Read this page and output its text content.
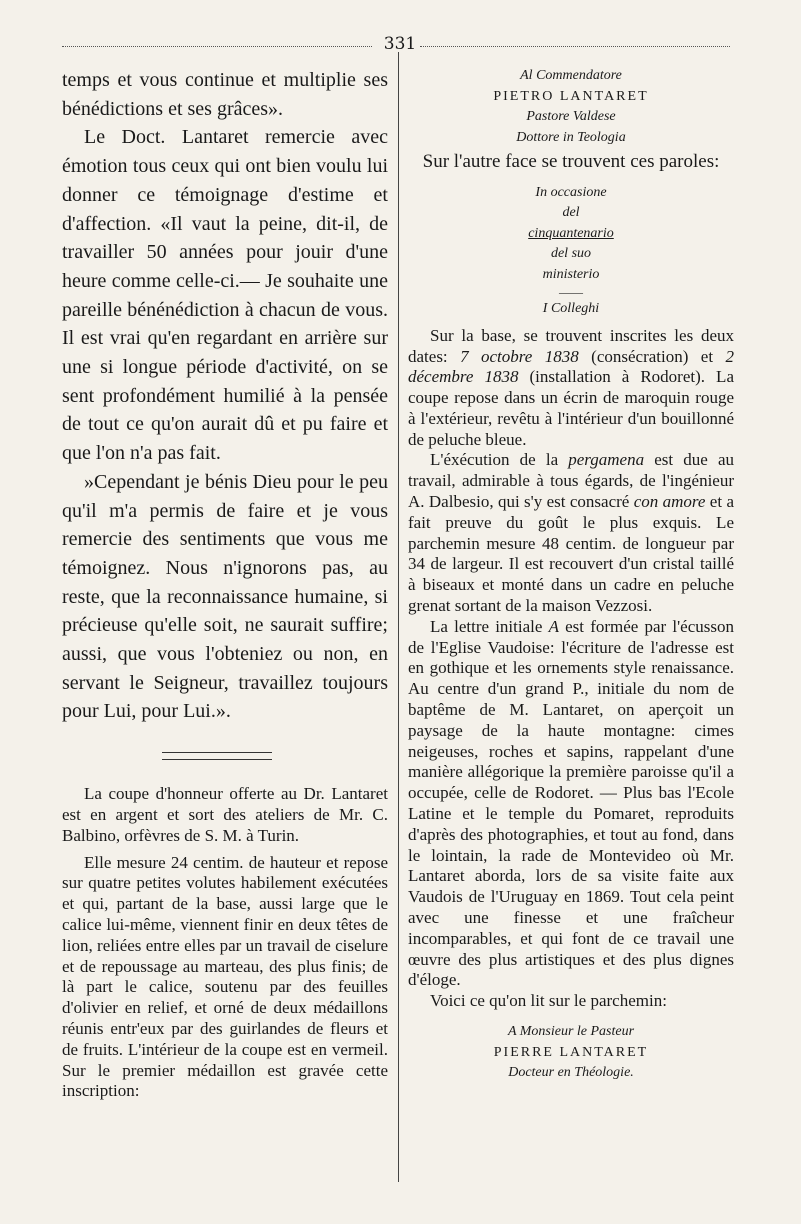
331

temps et vous continue et multiplie ses bénédictions et ses grâces».

Le Doct. Lantaret remercie avec émotion tous ceux qui ont bien voulu lui donner ce témoignage d'estime et d'affection. «Il vaut la peine, dit-il, de travailler 50 années pour jouir d'une heure comme celle-ci.— Je souhaite une pareille bénénédiction à chacun de vous. Il est vrai qu'en regardant en arrière sur une si longue période d'activité, on se sent profondément humilié à la pensée de tout ce qu'on aurait dû et pu faire et que l'on n'a pas fait.

»Cependant je bénis Dieu pour le peu qu'il m'a permis de faire et je vous remercie des sentiments que vous me témoignez. Nous n'ignorons pas, au reste, que la reconnaissance humaine, si précieuse qu'elle soit, ne saurait suffire; aussi, que vous l'obteniez ou non, en servant le Seigneur, travaillez toujours pour Lui, pour Lui.».

La coupe d'honneur offerte au Dr. Lantaret est en argent et sort des ateliers de Mr. C. Balbino, orfèvres de S. M. à Turin.

Elle mesure 24 centim. de hauteur et repose sur quatre petites volutes habilement exécutées et qui, partant de la base, aussi large que le calice lui-même, viennent finir en deux têtes de lion, reliées entre elles par un travail de ciselure et de repoussage au marteau, des plus finis; de là part le calice, soutenu par des feuilles d'olivier en relief, et orné de deux médaillons réunis entr'eux par des guirlandes de fleurs et de fruits. L'intérieur de la coupe est en vermeil. Sur le premier médaillon est gravée cette inscription:

Al Commendatore
PIETRO LANTARET
Pastore Valdese
Dottore in Teologia

Sur l'autre face se trouvent ces paroles:

In occasione
del
cinquantenario
del suo
ministerio
——
I Colleghi

Sur la base, se trouvent inscrites les deux dates: 7 octobre 1838 (consécration) et 2 décembre 1838 (installation à Rodoret). La coupe repose dans un écrin de maroquin rouge à l'extérieur, revêtu à l'intérieur d'un bouillonné de peluche bleue.

L'éxécution de la pergamena est due au travail, admirable à tous égards, de l'ingénieur A. Dalbesio, qui s'y est consacré con amore et a fait preuve du goût le plus exquis. Le parchemin mesure 48 centim. de longueur par 34 de largeur. Il est recouvert d'un cristal taillé à biseaux et monté dans un cadre en peluche grenat sortant de la maison Vezzosi.

La lettre initiale A est formée par l'écusson de l'Eglise Vaudoise: l'écriture de l'adresse est en gothique et les ornements style renaissance. Au centre d'un grand P., initiale du nom de baptême de M. Lantaret, on aperçoit un paysage de la haute montagne: cimes neigeuses, roches et sapins, rappelant d'une manière allégorique la première paroisse qu'il a occupée, celle de Rodoret. — Plus bas l'Ecole Latine et le temple du Pomaret, reproduits d'après des photographies, et tout au fond, dans le lointain, la rade de Montevideo où Mr. Lantaret aborda, lors de sa visite faite aux Vaudois de l'Uruguay en 1869. Tout cela peint avec une finesse et une fraîcheur incomparables, et qui font de ce travail une œuvre des plus artistiques et des plus dignes d'éloge.

Voici ce qu'on lit sur le parchemin:

A Monsieur le Pasteur
PIERRE LANTARET
Docteur en Théologie.
